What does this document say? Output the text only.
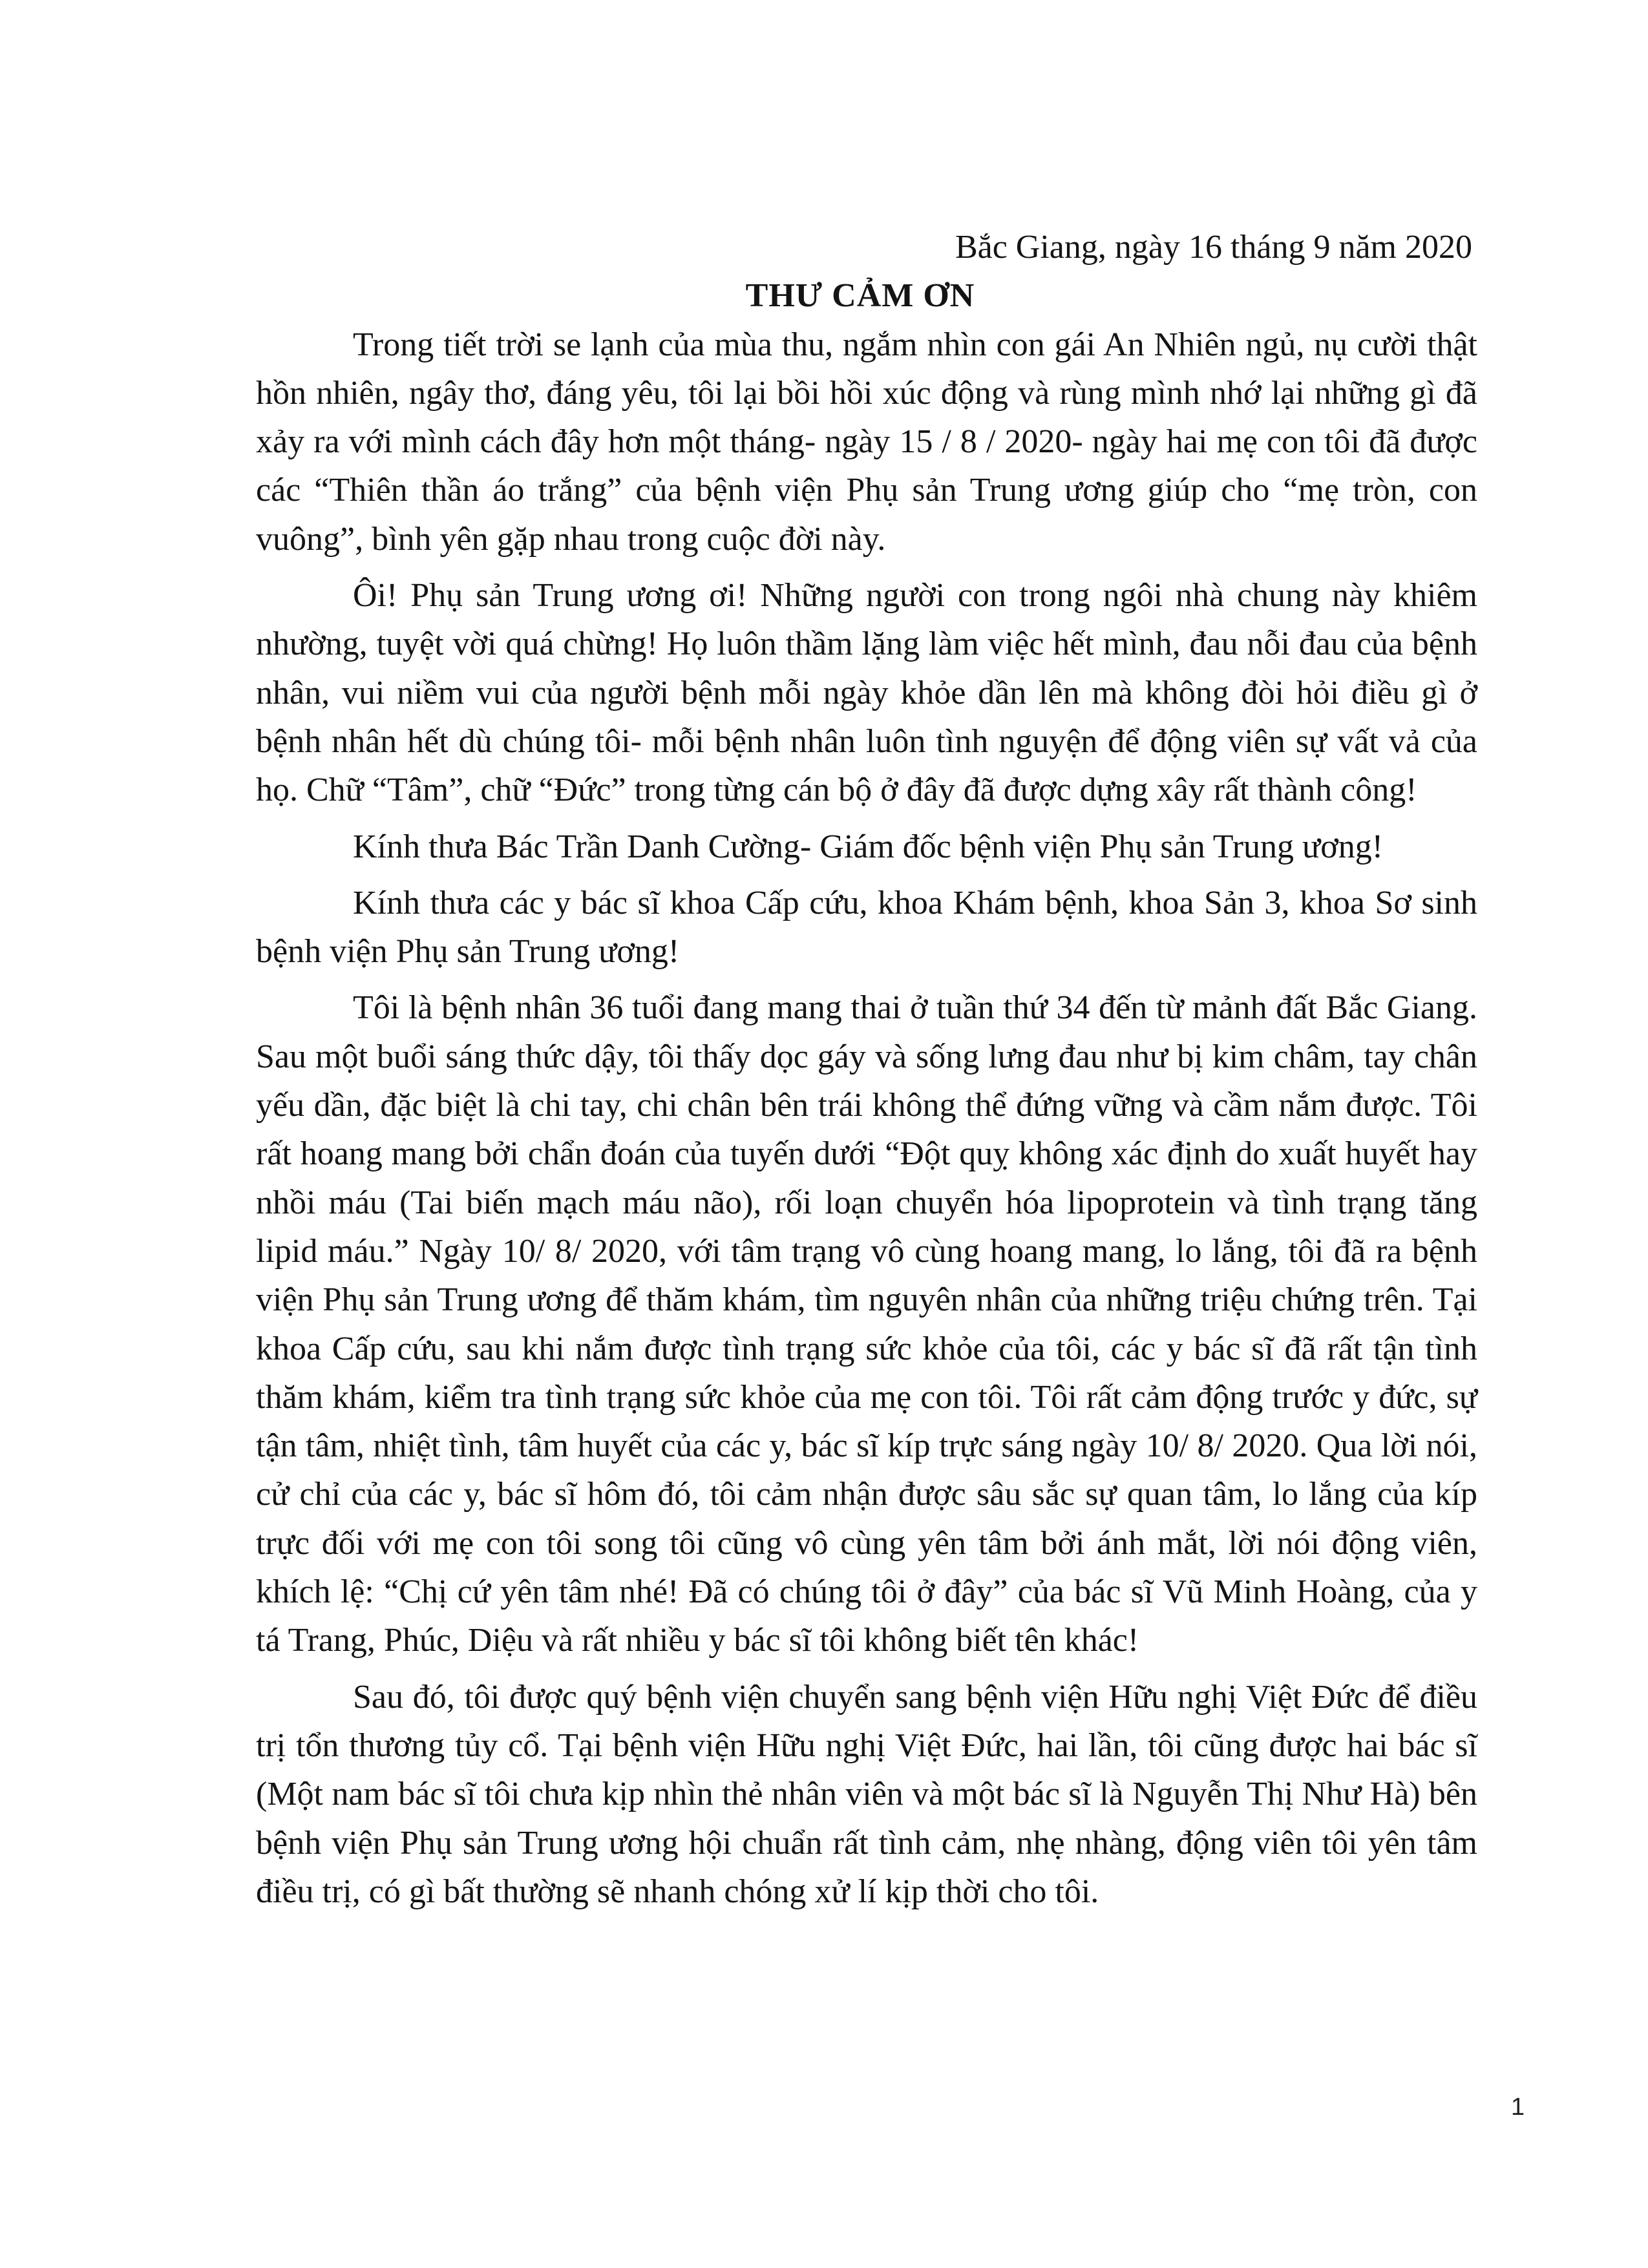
Bắc Giang, ngày 16 tháng 9 năm 2020

THƯ CẢM ƠN

Trong tiết trời se lạnh của mùa thu, ngắm nhìn con gái An Nhiên ngủ, nụ cười thật hồn nhiên, ngây thơ, đáng yêu, tôi lại bồi hồi xúc động và rùng mình nhớ lại những gì đã xảy ra với mình cách đây hơn một tháng- ngày 15 / 8 / 2020- ngày hai mẹ con tôi đã được các “Thiên thần áo trắng” của bệnh viện Phụ sản Trung ương giúp cho “mẹ tròn, con vuông”, bình yên gặp nhau trong cuộc đời này.

Ôi! Phụ sản Trung ương ơi! Những người con trong ngôi nhà chung này khiêm nhường, tuyệt vời quá chừng! Họ luôn thầm lặng làm việc hết mình, đau nỗi đau của bệnh nhân, vui niềm vui của người bệnh mỗi ngày khỏe dần lên mà không đòi hỏi điều gì ở bệnh nhân hết dù chúng tôi- mỗi bệnh nhân luôn tình nguyện để động viên sự vất vả của họ. Chữ “Tâm”, chữ “Đức” trong từng cán bộ ở đây đã được dựng xây rất thành công!

Kính thưa Bác Trần Danh Cường- Giám đốc bệnh viện Phụ sản Trung ương!

Kính thưa các y bác sĩ khoa Cấp cứu, khoa Khám bệnh, khoa Sản 3, khoa Sơ sinh bệnh viện Phụ sản Trung ương!

Tôi là bệnh nhân 36 tuổi đang mang thai ở tuần thứ 34 đến từ mảnh đất Bắc Giang. Sau một buổi sáng thức dậy, tôi thấy dọc gáy và sống lưng đau như bị kim châm, tay chân yếu dần, đặc biệt là chi tay, chi chân bên trái không thể đứng vững và cầm nắm được. Tôi rất hoang mang bởi chẩn đoán của tuyến dưới “Đột quỵ không xác định do xuất huyết hay nhồi máu (Tai biến mạch máu não), rối loạn chuyển hóa lipoprotein và tình trạng tăng lipid máu.” Ngày 10/ 8/ 2020, với tâm trạng vô cùng hoang mang, lo lắng, tôi đã ra bệnh viện Phụ sản Trung ương để thăm khám, tìm nguyên nhân của những triệu chứng trên. Tại khoa Cấp cứu, sau khi nắm được tình trạng sức khỏe của tôi, các y bác sĩ đã rất tận tình thăm khám, kiểm tra tình trạng sức khỏe của mẹ con tôi. Tôi rất cảm động trước y đức, sự tận tâm, nhiệt tình, tâm huyết của các y, bác sĩ kíp trực sáng ngày 10/ 8/ 2020. Qua lời nói, cử chỉ của các y, bác sĩ hôm đó, tôi cảm nhận được sâu sắc sự quan tâm, lo lắng của kíp trực đối với mẹ con tôi song tôi cũng vô cùng yên tâm bởi ánh mắt, lời nói động viên, khích lệ: “Chị cứ yên tâm nhé! Đã có chúng tôi ở đây” của bác sĩ Vũ Minh Hoàng, của y tá Trang, Phúc, Diệu và rất nhiều y bác sĩ tôi không biết tên khác!

Sau đó, tôi được quý bệnh viện chuyển sang bệnh viện Hữu nghị Việt Đức để điều trị tổn thương tủy cổ. Tại bệnh viện Hữu nghị Việt Đức, hai lần, tôi cũng được hai bác sĩ (Một nam bác sĩ tôi chưa kịp nhìn thẻ nhân viên và một bác sĩ là Nguyễn Thị Như Hà) bên bệnh viện Phụ sản Trung ương hội chuẩn rất tình cảm, nhẹ nhàng, động viên tôi yên tâm điều trị, có gì bất thường sẽ nhanh chóng xử lí kịp thời cho tôi.

1
